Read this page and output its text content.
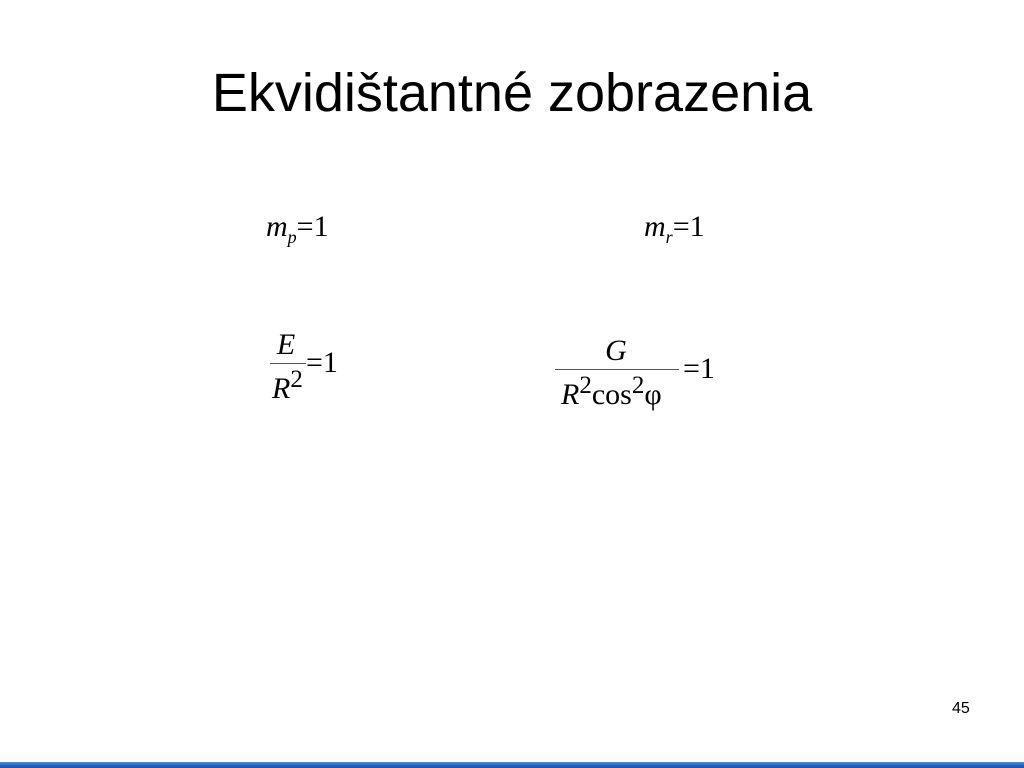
Ekvidištantné zobrazenia
$m_p=1$	$m_r=1$
E
$R^2$
=1	G
$R^2\cos^2\varphi$
=1
45
